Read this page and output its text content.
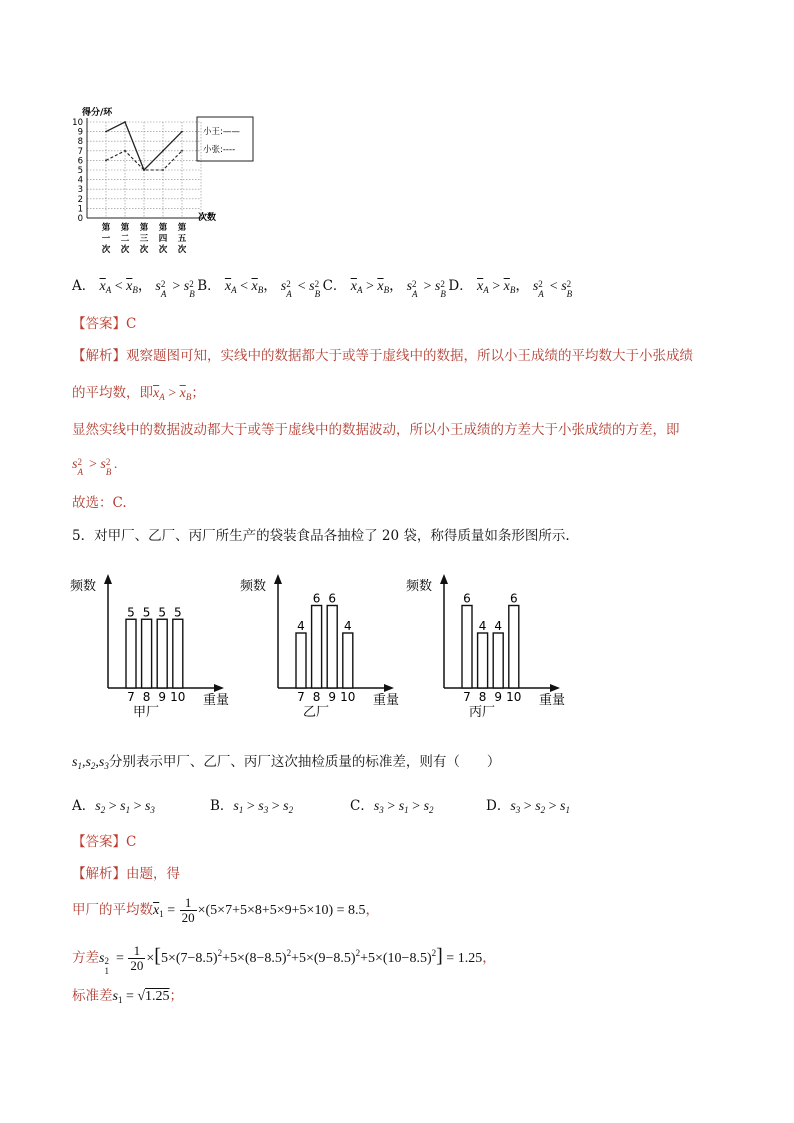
0
1
2
3
4
5
6
7
8
9
10
第
一
次
第
二
次
第
三
次
第
四
次
第
五
次
小王:——
小张:----
得分/环
次数
A． $\overline{x}_A < \overline{x}_B$， s 2
A > s 2
B B． $\overline{x}_A < \overline{x}_B$， s 2
A < s 2
B C． $\overline{x}_A > \overline{x}_B$， s 2
A > s 2
B D． $\overline{x}_A > \overline{x}_B$， s 2
A < s 2
B
【答案】C
【解析】观察题图可知，实线中的数据都大于或等于虚线中的数据，所以小王成绩的平均数大于小张成绩
的平均数，即$\overline{x}_A > \overline{x}_B$；
显然实线中的数据波动都大于或等于虚线中的数据波动，所以小王成绩的方差大于小张成绩的方差，即
s 2
A > s 2
B .
故选：C.
5．对甲厂、乙厂、丙厂所生产的袋装食品各抽检了 20 袋，称得质量如条形图所示.
频数
重量
甲厂
5
7
5
8
5
9
5
10
频数
重量
乙厂
4
7
6
8
6
9
4
10
频数
重量
丙厂
6
7
4
8
4
9
6
10
$s_1,s_2,s_3$分别表示甲厂、乙厂、丙厂这次抽检质量的标准差，则有（　　）
A．$s_2 > s_1 > s_3$	B．$s_1 > s_3 > s_2$	C．$s_3 > s_1 > s_2$	D．$s_3 > s_2 > s_1$
【答案】C
【解析】由题，得
甲厂的平均数$\overline{x}_1 = \frac{1}{20} \times(5\times 7+5\times 8+5\times 9+5\times 10) = 8.5$，
方差s 2
1
= $\frac{1}{20} \times[5\times(7-8.5)^2+5\times(8-8.5)^2+5\times(9-8.5)^2+5\times(10-8.5)^2] = 1.25$，
标准差$s_1 = √1.25$；
